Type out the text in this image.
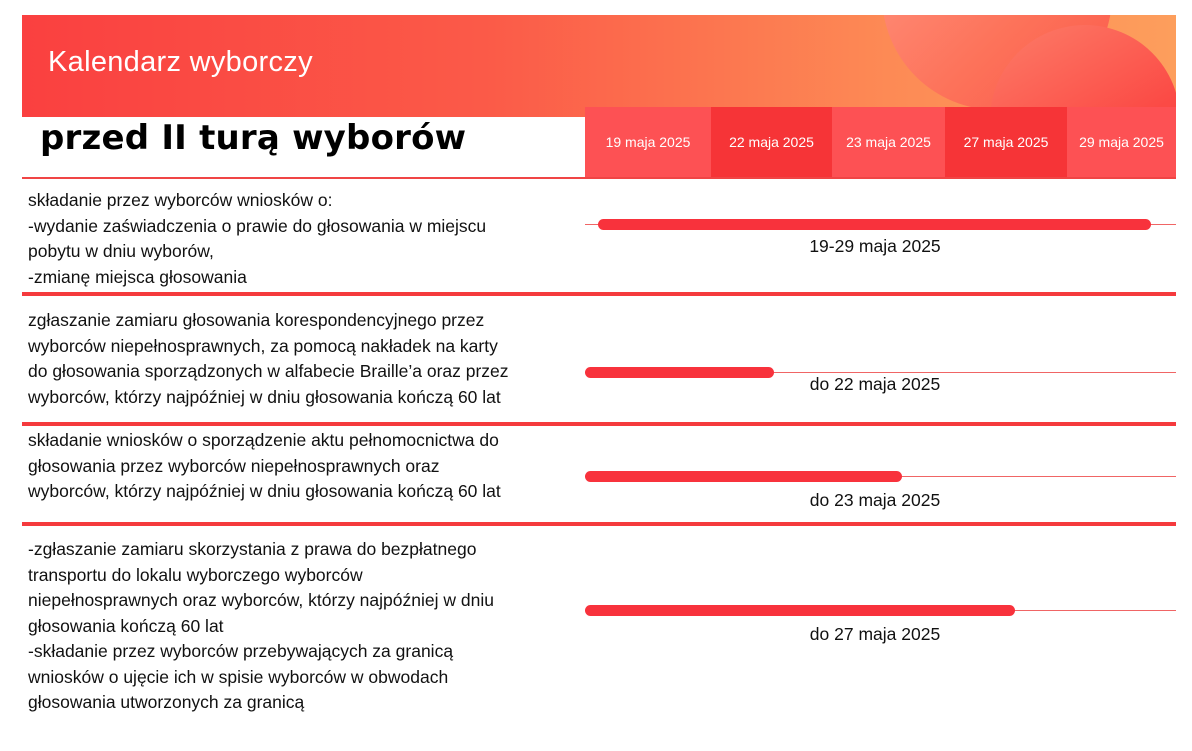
Kalendarz wyborczy
przed II turą wyborów	19 maja 2025	22 maja 2025	23 maja 2025	27 maja 2025	29 maja 2025
składanie przez wyborców wniosków o:
-wydanie zaświadczenia o prawie do głosowania w miejscu
pobytu w dniu wyborów,
-zmianę miejsca głosowania
19-29 maja 2025
zgłaszanie zamiaru głosowania korespondencyjnego przez
wyborców niepełnosprawnych, za pomocą nakładek na karty
do głosowania sporządzonych w alfabecie Braille’a oraz przez
wyborców, którzy najpóźniej w dniu głosowania kończą 60 lat
do 22 maja 2025
składanie wniosków o sporządzenie aktu pełnomocnictwa do
głosowania przez wyborców niepełnosprawnych oraz
wyborców, którzy najpóźniej w dniu głosowania kończą 60 lat	do 23 maja 2025
-zgłaszanie zamiaru skorzystania z prawa do bezpłatnego
transportu do lokalu wyborczego wyborców
niepełnosprawnych oraz wyborców, którzy najpóźniej w dniu
głosowania kończą 60 lat
-składanie przez wyborców przebywających za granicą
wniosków o ujęcie ich w spisie wyborców w obwodach
głosowania utworzonych za granicą
do 27 maja 2025
